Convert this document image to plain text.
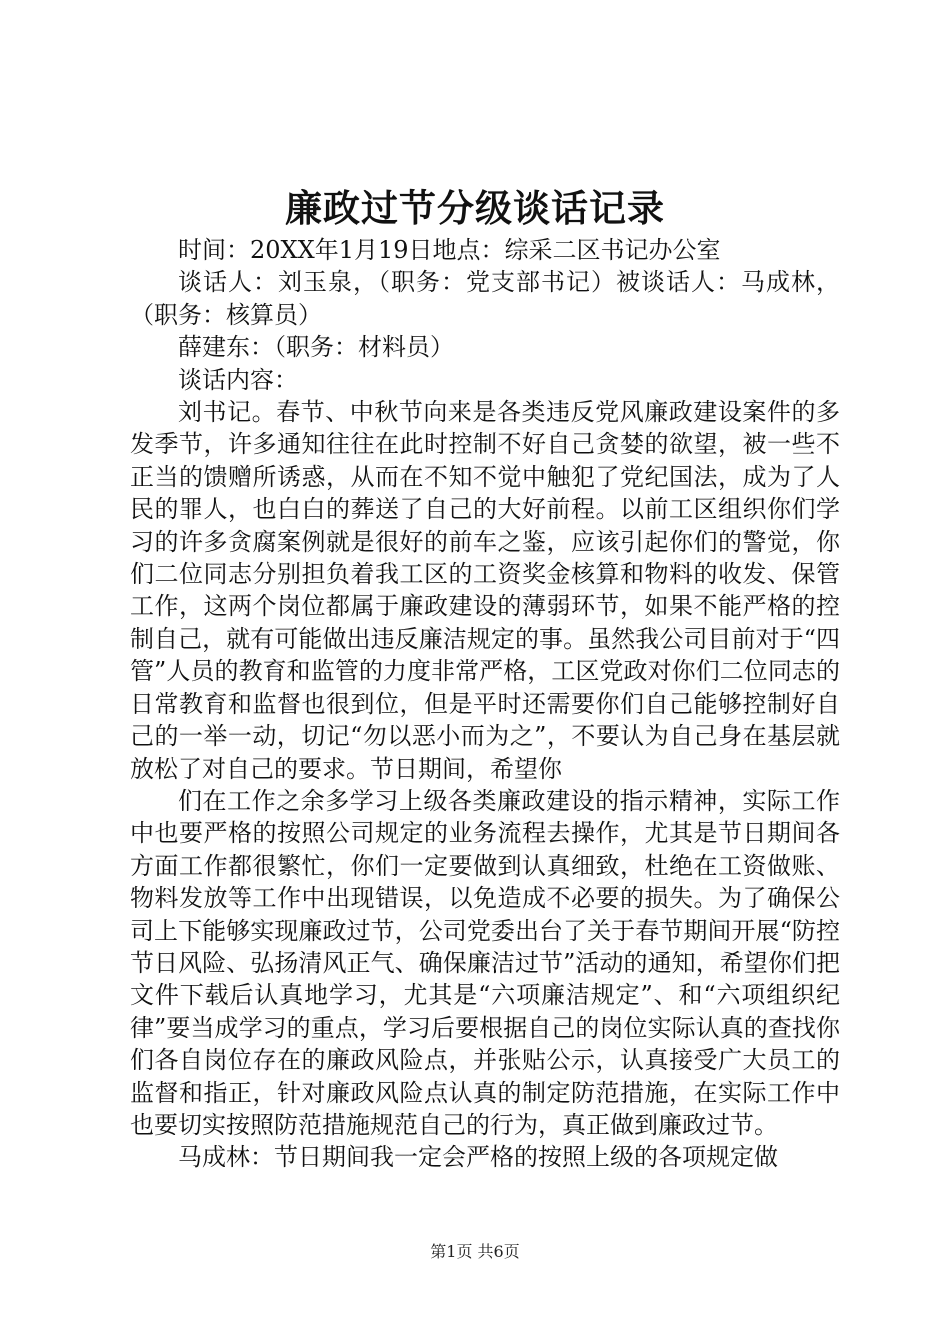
廉政过节分级谈话记录

时间：20XX年1月19日地点：综采二区书记办公室

谈话人：刘玉泉，（职务：党支部书记）被谈话人：马成林，（职务：核算员）

薛建东：（职务：材料员）

谈话内容：

刘书记。春节、中秋节向来是各类违反党风廉政建设案件的多发季节，许多通知往往在此时控制不好自己贪婪的欲望，被一些不正当的馈赠所诱惑，从而在不知不觉中触犯了党纪国法，成为了人民的罪人，也白白的葬送了自己的大好前程。以前工区组织你们学习的许多贪腐案例就是很好的前车之鉴，应该引起你们的警觉，你们二位同志分别担负着我工区的工资奖金核算和物料的收发、保管工作，这两个岗位都属于廉政建设的薄弱环节，如果不能严格的控制自己，就有可能做出违反廉洁规定的事。虽然我公司目前对于“四管”人员的教育和监管的力度非常严格，工区党政对你们二位同志的日常教育和监督也很到位，但是平时还需要你们自己能够控制好自己的一举一动，切记“勿以恶小而为之”，不要认为自己身在基层就放松了对自己的要求。节日期间，希望你

们在工作之余多学习上级各类廉政建设的指示精神，实际工作中也要严格的按照公司规定的业务流程去操作，尤其是节日期间各方面工作都很繁忙，你们一定要做到认真细致，杜绝在工资做账、物料发放等工作中出现错误，以免造成不必要的损失。为了确保公司上下能够实现廉政过节，公司党委出台了关于春节期间开展“防控节日风险、弘扬清风正气、确保廉洁过节”活动的通知，希望你们把文件下载后认真地学习，尤其是“六项廉洁规定”、和“六项组织纪律”要当成学习的重点，学习后要根据自己的岗位实际认真的查找你们各自岗位存在的廉政风险点，并张贴公示，认真接受广大员工的监督和指正，针对廉政风险点认真的制定防范措施，在实际工作中也要切实按照防范措施规范自己的行为，真正做到廉政过节。

马成林：节日期间我一定会严格的按照上级的各项规定做

第1页 共6页
